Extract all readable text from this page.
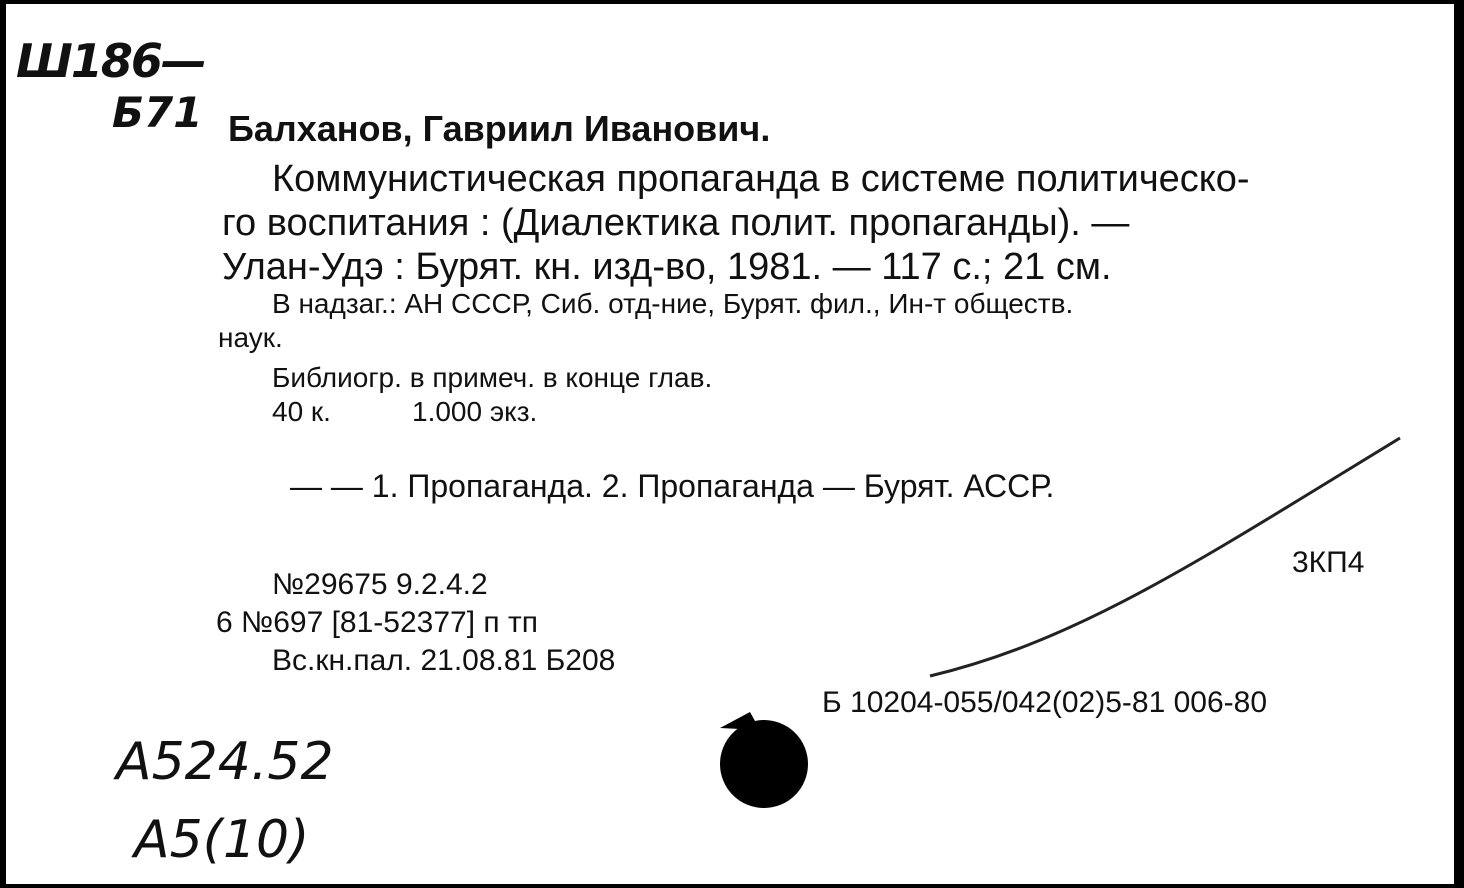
Ш186—
Б71 Балханов, Гавриил Иванович.
Коммунистическая пропаганда в системе политическо-
го воспитания : (Диалектика полит. пропаганды). —
Улан-Удэ : Бурят. кн. изд-во, 1981. — 117 с.; 21 см.
В надзаг.: АН СССР, Сиб. отд-ние, Бурят. фил., Ин-т обществ.
наук.
Библиогр. в примеч. в конце глав.
40 к.	1.000 экз.
— — 1. Пропаганда. 2. Пропаганда — Бурят. АССР.
3КП4
№29675 9.2.4.2
6 №697 [81-52377] п тп
Вс.кн.пал. 21.08.81 Б208
Б 10204-055/042(02)5-81 006-80
А524.52
А5(10)
